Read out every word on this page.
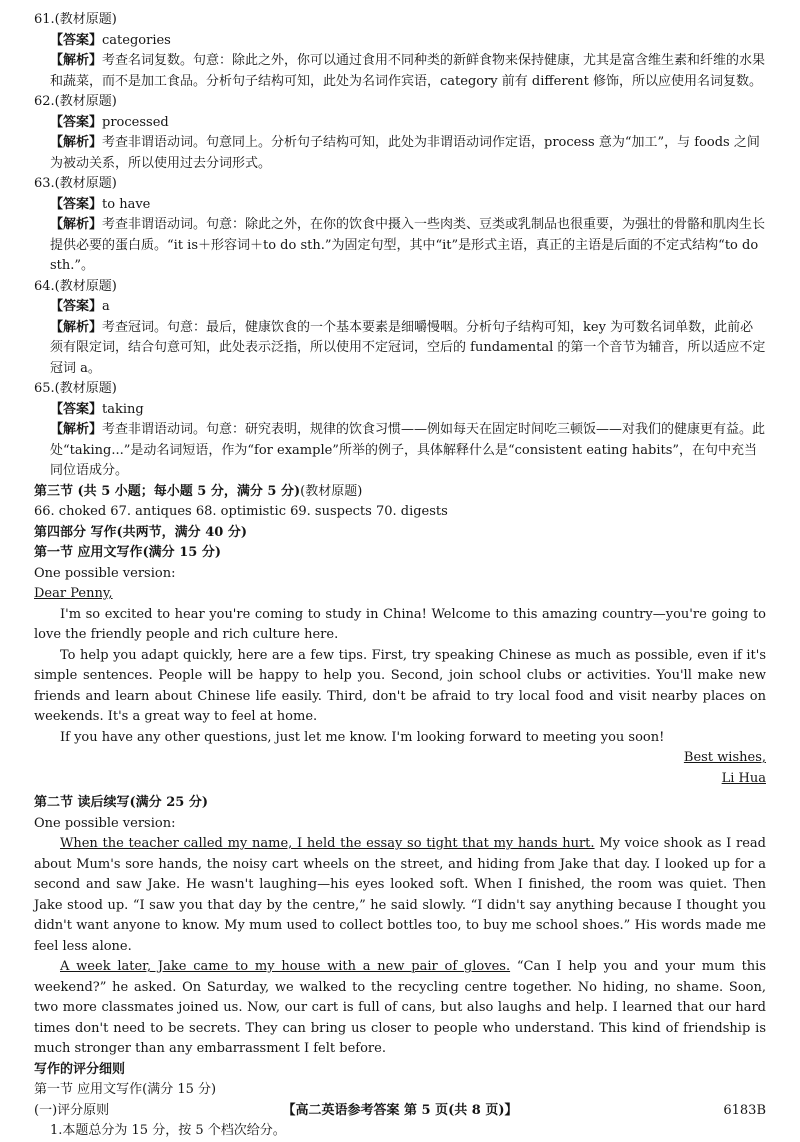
61.(教材原题)
【答案】categories
【解析】考查名词复数。句意：除此之外，你可以通过食用不同种类的新鲜食物来保持健康，尤其是富含维生素和纤维的水果和蔬菜，而不是加工食品。分析句子结构可知，此处为名词作宾语，category 前有 different 修饰，所以应使用名词复数。
62.(教材原题)
【答案】processed
【解析】考查非谓语动词。句意同上。分析句子结构可知，此处为非谓语动词作定语，process 意为“加工”，与 foods 之间为被动关系，所以使用过去分词形式。
63.(教材原题)
【答案】to have
【解析】考查非谓语动词。句意：除此之外，在你的饮食中摄入一些肉类、豆类或乳制品也很重要，为强壮的骨骼和肌肉生长提供必要的蛋白质。“it is＋形容词＋to do sth.”为固定句型，其中“it”是形式主语，真正的主语是后面的不定式结构“to do sth.”。
64.(教材原题)
【答案】a
【解析】考查冠词。句意：最后，健康饮食的一个基本要素是细嚼慢咽。分析句子结构可知，key 为可数名词单数，此前必须有限定词，结合句意可知，此处表示泛指，所以使用不定冠词，空后的 fundamental 的第一个音节为辅音，所以适应不定冠词 a。
65.(教材原题)
【答案】taking
【解析】考查非谓语动词。句意：研究表明，规律的饮食习惯——例如每天在固定时间吃三顿饭——对我们的健康更有益。此处“taking...”是动名词短语，作为“for example”所举的例子，具体解释什么是“consistent eating habits”，在句中充当同位语成分。
第三节 (共 5 小题；每小题 5 分，满分 5 分)(教材原题)
66. choked 67. antiques 68. optimistic 69. suspects 70. digests
第四部分 写作(共两节，满分 40 分)
第一节 应用文写作(满分 15 分)
One possible version:
Dear Penny,
I'm so excited to hear you're coming to study in China! Welcome to this amazing country—you're going to love the friendly people and rich culture here.
To help you adapt quickly, here are a few tips. First, try speaking Chinese as much as possible, even if it's simple sentences. People will be happy to help you. Second, join school clubs or activities. You'll make new friends and learn about Chinese life easily. Third, don't be afraid to try local food and visit nearby places on weekends. It's a great way to feel at home.
If you have any other questions, just let me know. I'm looking forward to meeting you soon!
Best wishes,
Li Hua
第二节 读后续写(满分 25 分)
One possible version:
When the teacher called my name, I held the essay so tight that my hands hurt. My voice shook as I read about Mum's sore hands, the noisy cart wheels on the street, and hiding from Jake that day. I looked up for a second and saw Jake. He wasn't laughing—his eyes looked soft. When I finished, the room was quiet. Then Jake stood up. “I saw you that day by the centre,” he said slowly. “I didn't say anything because I thought you didn't want anyone to know. My mum used to collect bottles too, to buy me school shoes.” His words made me feel less alone.
A week later, Jake came to my house with a new pair of gloves. “Can I help you and your mum this weekend?” he asked. On Saturday, we walked to the recycling centre together. No hiding, no shame. Soon, two more classmates joined us. Now, our cart is full of cans, but also laughs and help. I learned that our hard times don't need to be secrets. They can bring us closer to people who understand. This kind of friendship is much stronger than any embarrassment I felt before.
写作的评分细则
第一节 应用文写作(满分 15 分)
(一)评分原则
1.本题总分为 15 分，按 5 个档次给分。
【高二英语参考答案 第 5 页(共 8 页)】	6183B
